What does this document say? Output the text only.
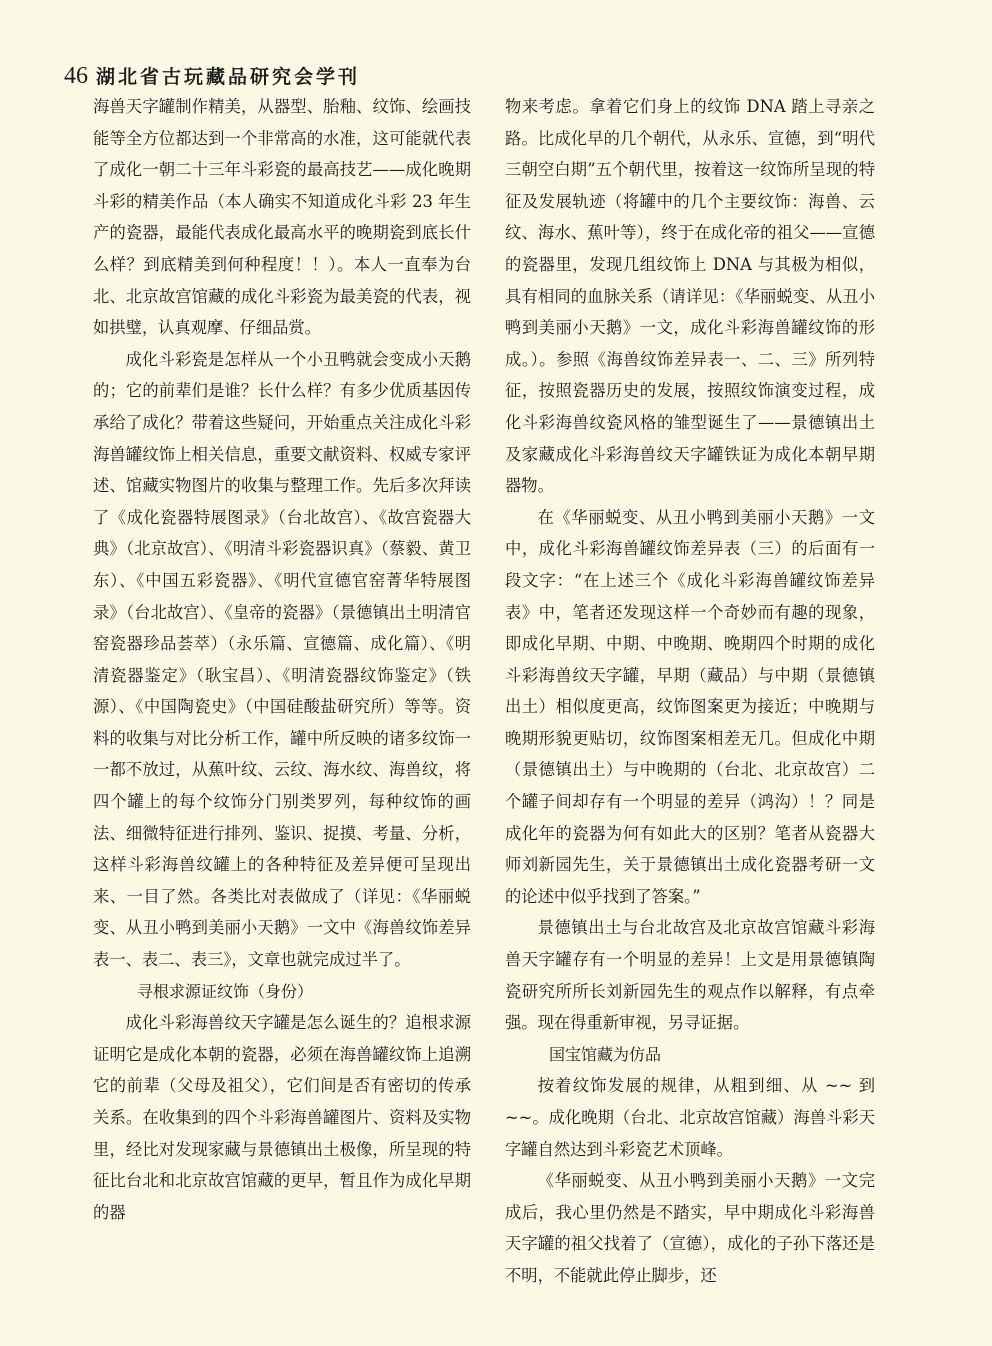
46 湖北省古玩藏品研究会学刊

海兽天字罐制作精美，从器型、胎釉、纹饰、绘画技能等全方位都达到一个非常高的水准，这可能就代表了成化一朝二十三年斗彩瓷的最高技艺——成化晚期斗彩的精美作品（本人确实不知道成化斗彩 23 年生产的瓷器，最能代表成化最高水平的晚期瓷到底长什么样？到底精美到何种程度！！）。本人一直奉为台北、北京故宫馆藏的成化斗彩瓷为最美瓷的代表，视如拱璧，认真观摩、仔细品赏。

成化斗彩瓷是怎样从一个小丑鸭就会变成小天鹅的；它的前辈们是谁？长什么样？有多少优质基因传承给了成化？带着这些疑问，开始重点关注成化斗彩海兽罐纹饰上相关信息，重要文献资料、权威专家评述、馆藏实物图片的收集与整理工作。先后多次拜读了《成化瓷器特展图录》（台北故宫）、《故宫瓷器大典》（北京故宫）、《明清斗彩瓷器识真》（蔡毅、黄卫东）、《中国五彩瓷器》、《明代宣德官窑菁华特展图录》（台北故宫）、《皇帝的瓷器》（景德镇出土明清官窑瓷器珍品荟萃）（永乐篇、宣德篇、成化篇）、《明清瓷器鉴定》（耿宝昌）、《明清瓷器纹饰鉴定》（铁源）、《中国陶瓷史》（中国硅酸盐研究所）等等。资料的收集与对比分析工作，罐中所反映的诸多纹饰一一都不放过，从蕉叶纹、云纹、海水纹、海兽纹，将四个罐上的每个纹饰分门别类罗列，每种纹饰的画法、细微特征进行排列、鉴识、捉摸、考量、分析，这样斗彩海兽纹罐上的各种特征及差异便可呈现出来、一目了然。各类比对表做成了（详见：《华丽蜕变、从丑小鸭到美丽小天鹅》一文中《海兽纹饰差异表一、表二、表三》，文章也就完成过半了。

寻根求源证纹饰（身份）

成化斗彩海兽纹天字罐是怎么诞生的？追根求源证明它是成化本朝的瓷器，必须在海兽罐纹饰上追溯它的前辈（父母及祖父），它们间是否有密切的传承关系。在收集到的四个斗彩海兽罐图片、资料及实物里，经比对发现家藏与景德镇出土极像，所呈现的特征比台北和北京故宫馆藏的更早，暂且作为成化早期的器

物来考虑。拿着它们身上的纹饰 DNA 踏上寻亲之路。比成化早的几个朝代，从永乐、宣德，到“明代三朝空白期”五个朝代里，按着这一纹饰所呈现的特征及发展轨迹（将罐中的几个主要纹饰：海兽、云纹、海水、蕉叶等），终于在成化帝的祖父——宣德的瓷器里，发现几组纹饰上 DNA 与其极为相似，具有相同的血脉关系（请详见：《华丽蜕变、从丑小鸭到美丽小天鹅》一文，成化斗彩海兽罐纹饰的形成。）。参照《海兽纹饰差异表一、二、三》所列特征，按照瓷器历史的发展，按照纹饰演变过程，成化斗彩海兽纹瓷风格的雏型诞生了——景德镇出土及家藏成化斗彩海兽纹天字罐铁证为成化本朝早期器物。

在《华丽蜕变、从丑小鸭到美丽小天鹅》一文中，成化斗彩海兽罐纹饰差异表（三）的后面有一段文字：“在上述三个《成化斗彩海兽罐纹饰差异表》中，笔者还发现这样一个奇妙而有趣的现象，即成化早期、中期、中晚期、晚期四个时期的成化斗彩海兽纹天字罐，早期（藏品）与中期（景德镇出土）相似度更高，纹饰图案更为接近；中晚期与晚期形貌更贴切，纹饰图案相差无几。但成化中期（景德镇出土）与中晚期的（台北、北京故宫）二个罐子间却存有一个明显的差异（鸿沟）！？同是成化年的瓷器为何有如此大的区别？笔者从瓷器大师刘新园先生，关于景德镇出土成化瓷器考研一文的论述中似乎找到了答案。”

景德镇出土与台北故宫及北京故宫馆藏斗彩海兽天字罐存有一个明显的差异！上文是用景德镇陶瓷研究所所长刘新园先生的观点作以解释，有点牵强。现在得重新审视，另寻证据。

国宝馆藏为仿品

按着纹饰发展的规律，从粗到细、从 ~~ 到 ~~。成化晚期（台北、北京故宫馆藏）海兽斗彩天字罐自然达到斗彩瓷艺术顶峰。

《华丽蜕变、从丑小鸭到美丽小天鹅》一文完成后，我心里仍然是不踏实，早中期成化斗彩海兽天字罐的祖父找着了（宣德），成化的子孙下落还是不明，不能就此停止脚步，还
